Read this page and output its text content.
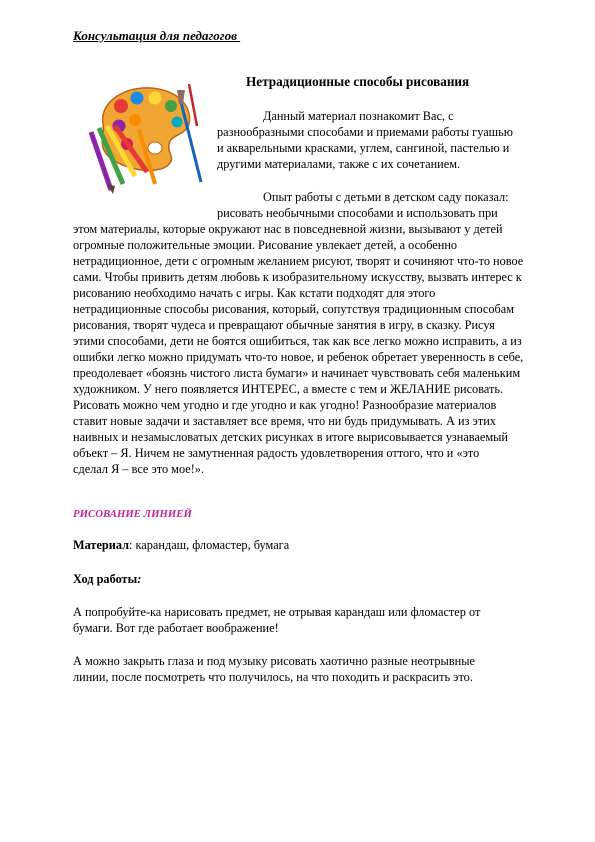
Консультация для педагогов
Нетрадиционные способы рисования
Данный материал познакомит Вас, с
разнообразными способами и приемами работы гуашью
и акварельными красками, углем, сангиной, пастелью и
другими материалами, также с их сочетанием.
Опыт работы с детьми в детском саду показал:
рисовать необычными способами и использовать при
этом материалы, которые окружают нас в повседневной жизни, вызывают у детей
огромные положительные эмоции. Рисование увлекает детей, а особенно
нетрадиционное, дети с огромным желанием рисуют, творят и сочиняют что-то новое
сами. Чтобы привить детям любовь к изобразительному искусству, вызвать интерес к
рисованию необходимо начать с игры. Как кстати подходят для этого
нетрадиционные способы рисования, который, сопутствуя традиционным способам
рисования, творят чудеса и превращают обычные занятия в игру, в сказку. Рисуя
этими способами, дети не боятся ошибиться, так как все легко можно исправить, а из
ошибки легко можно придумать что-то новое, и ребенок обретает уверенность в себе,
преодолевает «боязнь чистого листа бумаги» и начинает чувствовать себя маленьким
художником. У него появляется ИНТЕРЕС, а вместе с тем и ЖЕЛАНИЕ рисовать.
Рисовать можно чем угодно и где угодно и как угодно! Разнообразие материалов
ставит новые задачи и заставляет все время, что ни будь придумывать. А из этих
наивных и незамысловатых детских рисунках в итоге вырисовывается узнаваемый
объект – Я. Ничем не замутненная радость удовлетворения оттого, что и «это
сделал Я – все это мое!».
РИСОВАНИЕ ЛИНИЕЙ
Материал: карандаш, фломастер, бумага
Ход работы:
А попробуйте-ка нарисовать предмет, не отрывая карандаш или фломастер от
бумаги. Вот где работает воображение!
А можно закрыть глаза и под музыку рисовать хаотично разные неотрывные
линии, после посмотреть что получилось, на что походить и раскрасить это.
